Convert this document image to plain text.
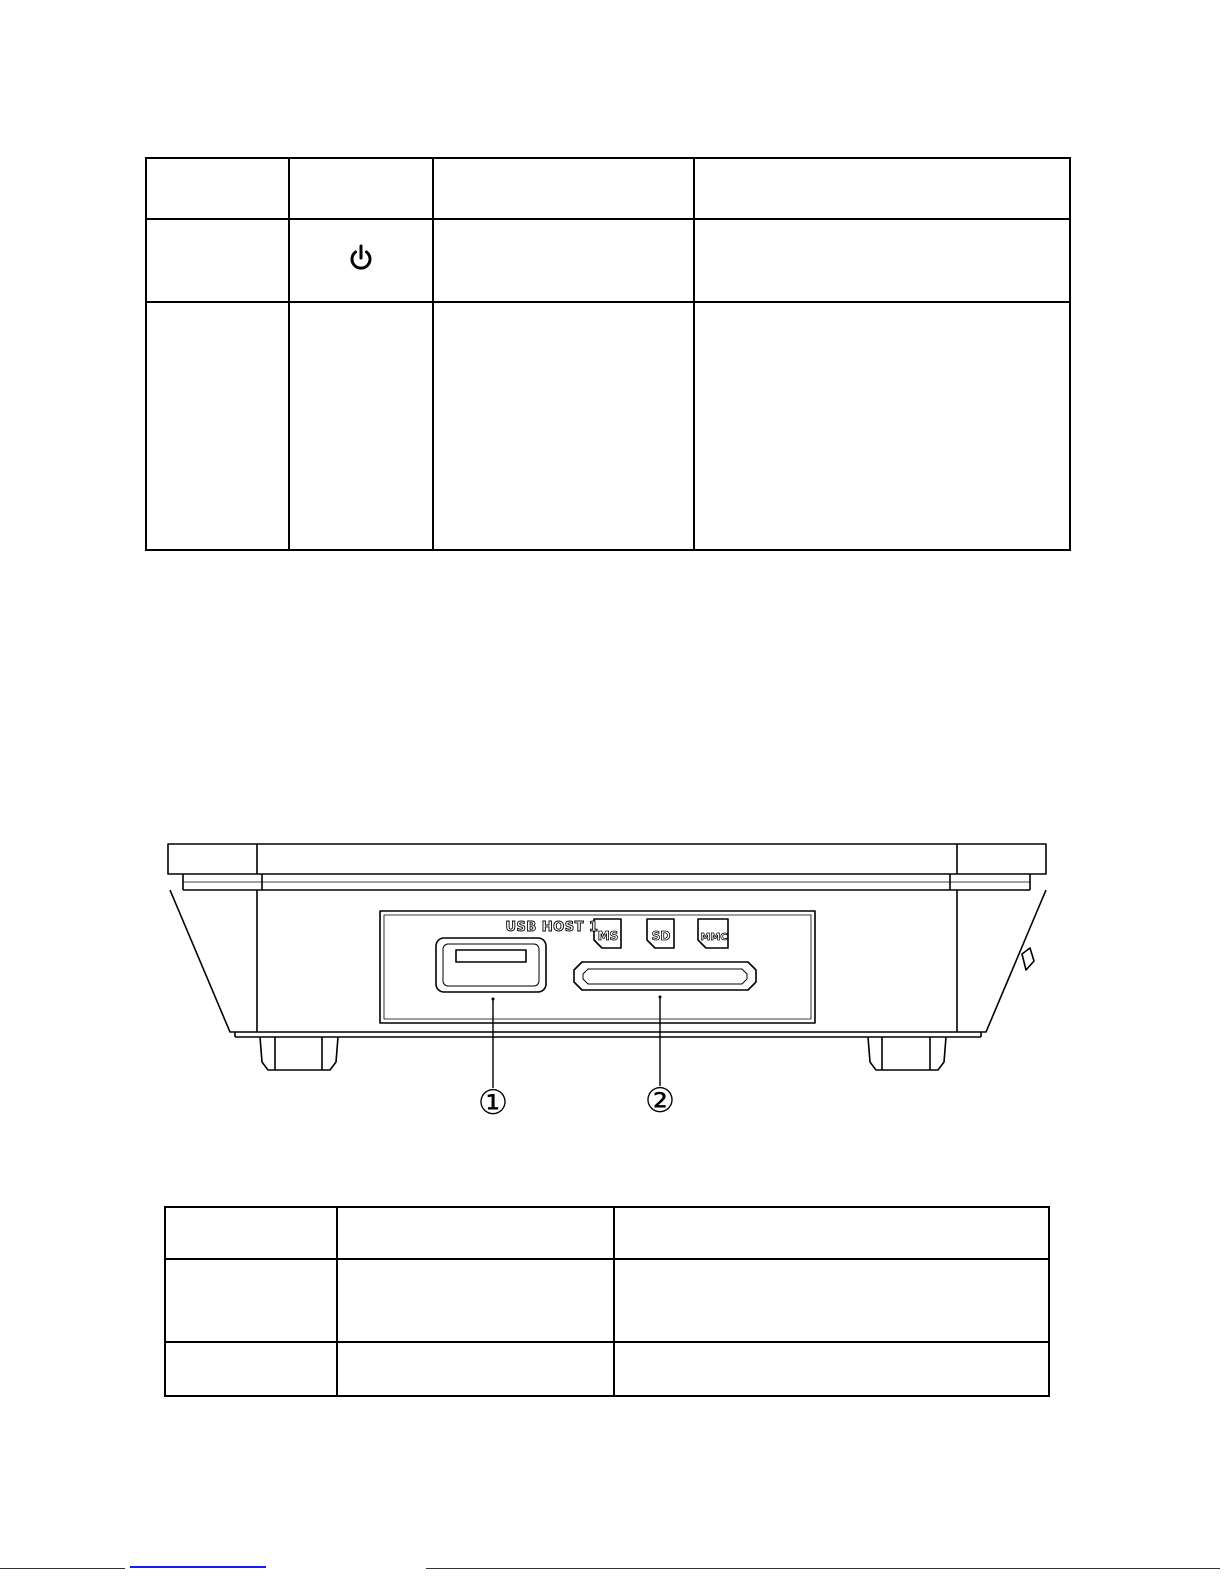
USB HOST 1
MS	SD	MMC
①	②
